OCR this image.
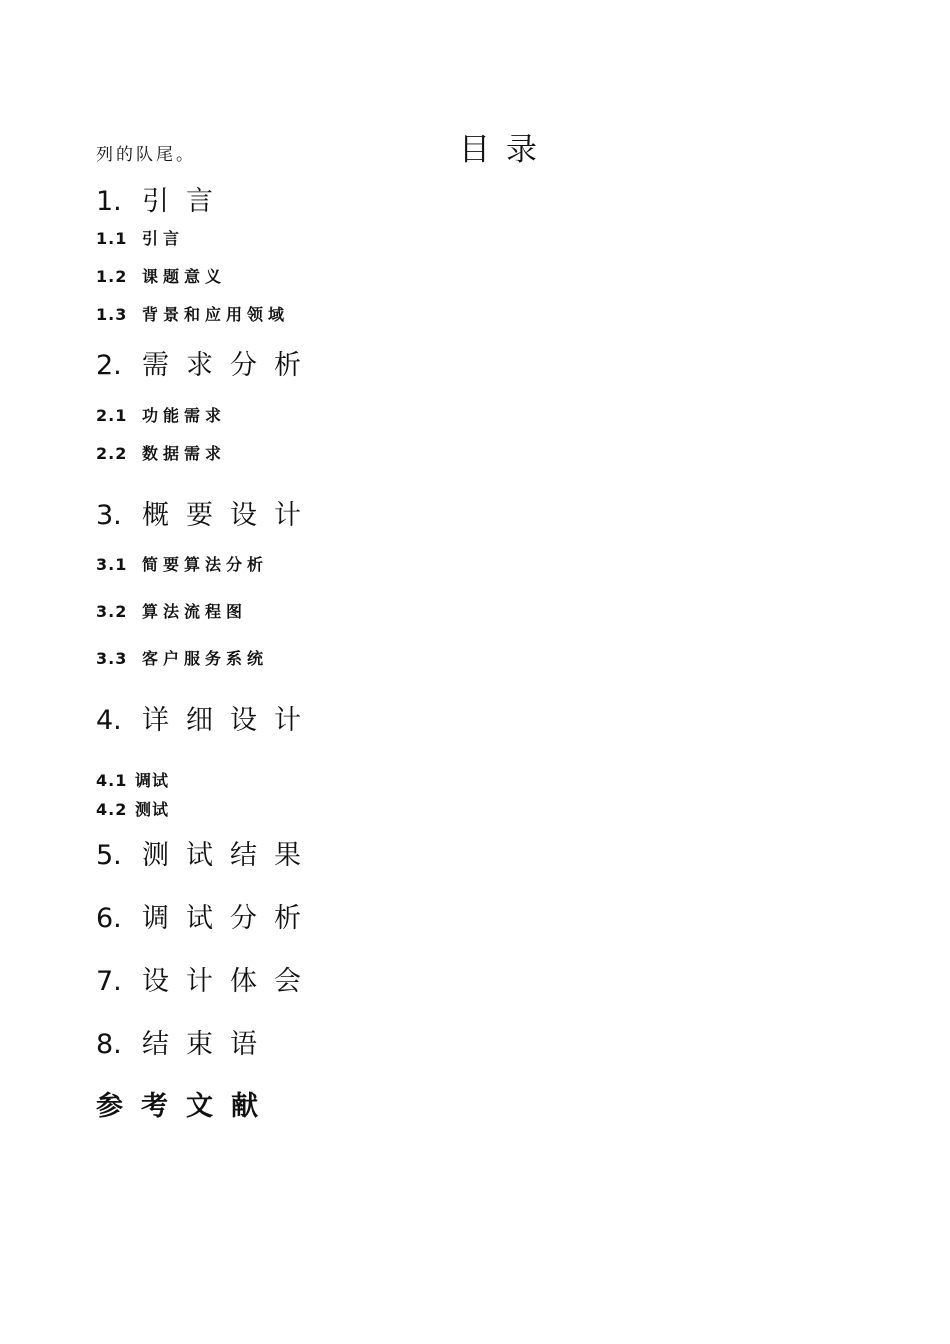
列的队尾。	目录
1. 引言
1.1 引言
1.2 课题意义
1.3 背景和应用领域
2. 需求分析
2.1 功能需求
2.2 数据需求
3. 概要设计
3.1 简要算法分析
3.2 算法流程图
3.3 客户服务系统
4. 详细设计
4.1 调试
4.2 测试
5. 测试结果
6. 调试分析
7. 设计体会
8. 结束语
参考文献
